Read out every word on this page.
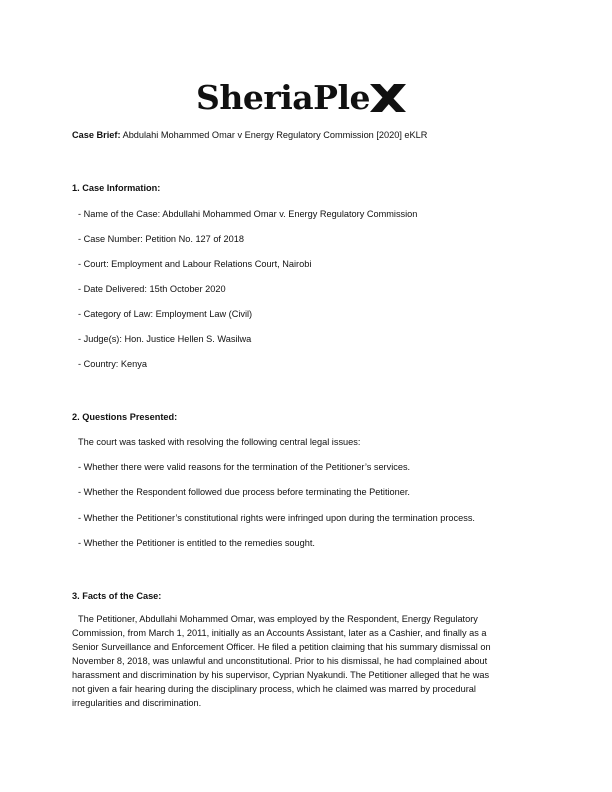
SheriaPle
Case Brief: Abdulahi Mohammed Omar v Energy Regulatory Commission [2020] eKLR
1. Case Information:
- Name of the Case: Abdullahi Mohammed Omar v. Energy Regulatory Commission
- Case Number: Petition No. 127 of 2018
- Court: Employment and Labour Relations Court, Nairobi
- Date Delivered: 15th October 2020
- Category of Law: Employment Law (Civil)
- Judge(s): Hon. Justice Hellen S. Wasilwa
- Country: Kenya
2. Questions Presented:
The court was tasked with resolving the following central legal issues:
- Whether there were valid reasons for the termination of the Petitioner’s services.
- Whether the Respondent followed due process before terminating the Petitioner.
- Whether the Petitioner’s constitutional rights were infringed upon during the termination process.
- Whether the Petitioner is entitled to the remedies sought.
3. Facts of the Case:
The Petitioner, Abdullahi Mohammed Omar, was employed by the Respondent, Energy Regulatory
Commission, from March 1, 2011, initially as an Accounts Assistant, later as a Cashier, and finally as a
Senior Surveillance and Enforcement Officer. He filed a petition claiming that his summary dismissal on
November 8, 2018, was unlawful and unconstitutional. Prior to his dismissal, he had complained about
harassment and discrimination by his supervisor, Cyprian Nyakundi. The Petitioner alleged that he was
not given a fair hearing during the disciplinary process, which he claimed was marred by procedural
irregularities and discrimination.
